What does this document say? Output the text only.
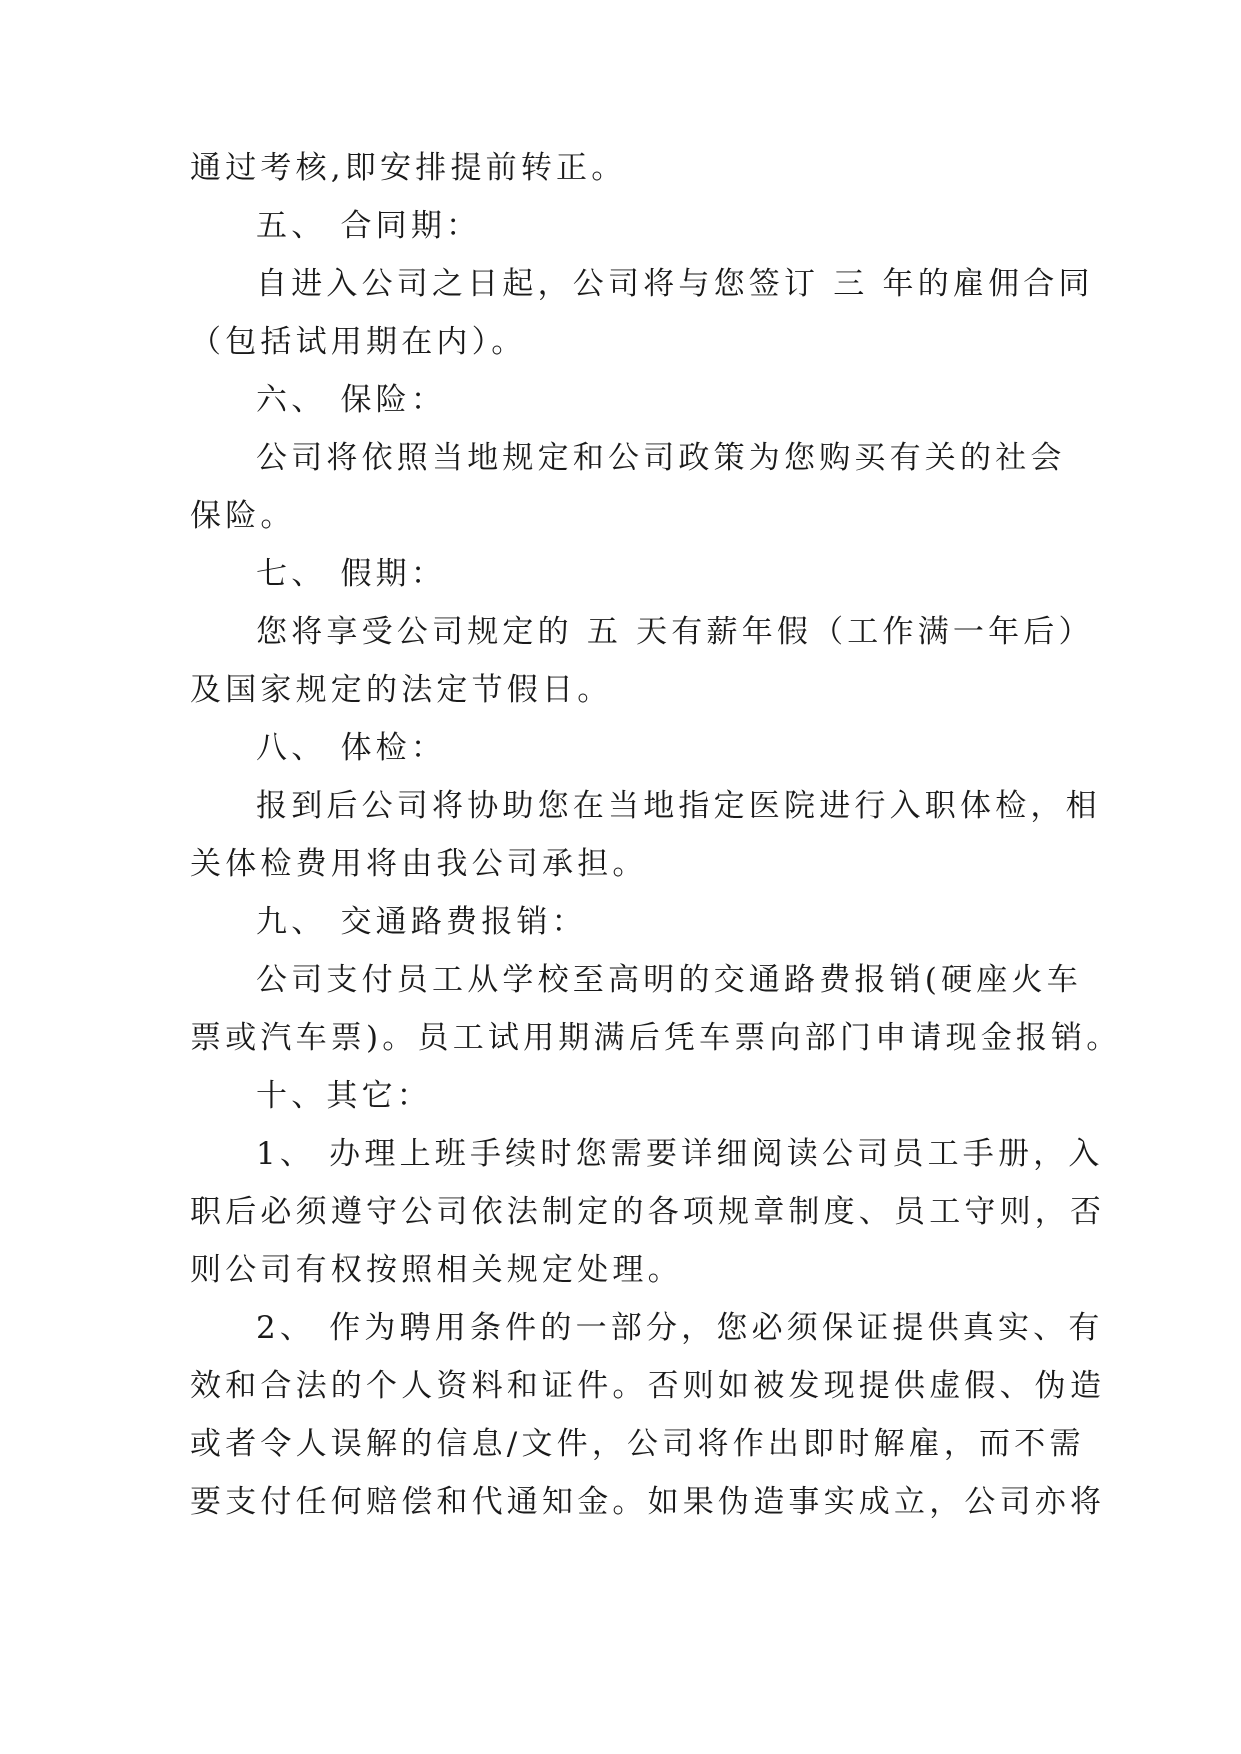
通过考核,即安排提前转正。
五、 合同期：
自进入公司之日起，公司将与您签订 三 年的雇佣合同
（包括试用期在内）。
六、 保险：
公司将依照当地规定和公司政策为您购买有关的社会
保险。
七、 假期：
您将享受公司规定的 五 天有薪年假（工作满一年后）
及国家规定的法定节假日。
八、 体检：
报到后公司将协助您在当地指定医院进行入职体检，相
关体检费用将由我公司承担。
九、 交通路费报销：
公司支付员工从学校至高明的交通路费报销(硬座火车
票或汽车票)。员工试用期满后凭车票向部门申请现金报销。
十、其它：
1、 办理上班手续时您需要详细阅读公司员工手册，入
职后必须遵守公司依法制定的各项规章制度、员工守则，否
则公司有权按照相关规定处理。
2、 作为聘用条件的一部分，您必须保证提供真实、有
效和合法的个人资料和证件。否则如被发现提供虚假、伪造
或者令人误解的信息/文件，公司将作出即时解雇，而不需
要支付任何赔偿和代通知金。如果伪造事实成立，公司亦将
